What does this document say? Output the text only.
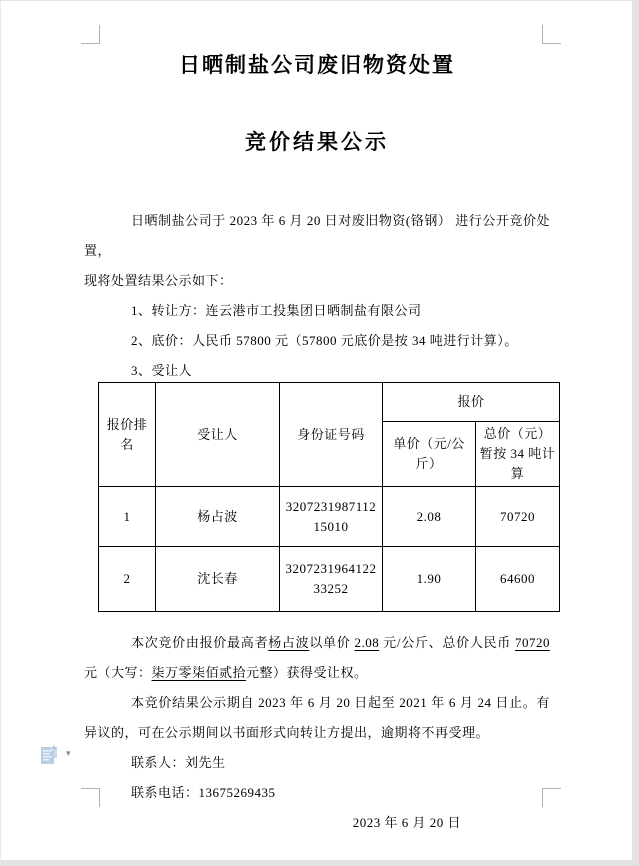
日晒制盐公司废旧物资处置
竞价结果公示

日晒制盐公司于 2023 年 6 月 20 日对废旧物资(铬钢） 进行公开竞价处置，

现将处置结果公示如下：

1、转让方：连云港市工投集团日晒制盐有限公司

2、底价：人民币 57800 元（57800 元底价是按 34 吨进行计算）。

3、受让人

报价排名	受让人	身份证号码	报价	
			单价（元/公斤）	总价（元）暂按 34 吨计算
1	杨占波	320723198711215010	2.08	70720
2	沈长春	320723196412233252	1.90	64600

本次竞价由报价最高者杨占波以单价 2.08 元/公斤、总价人民币 70720 元（大写：柒万零柒佰贰拾元整）获得受让权。

本竞价结果公示期自 2023 年 6 月 20 日起至 2021 年 6 月 24 日止。有异议的，可在公示期间以书面形式向转让方提出，逾期将不再受理。

联系人：刘先生

联系电话：13675269435

2023 年 6 月 20 日

▾
